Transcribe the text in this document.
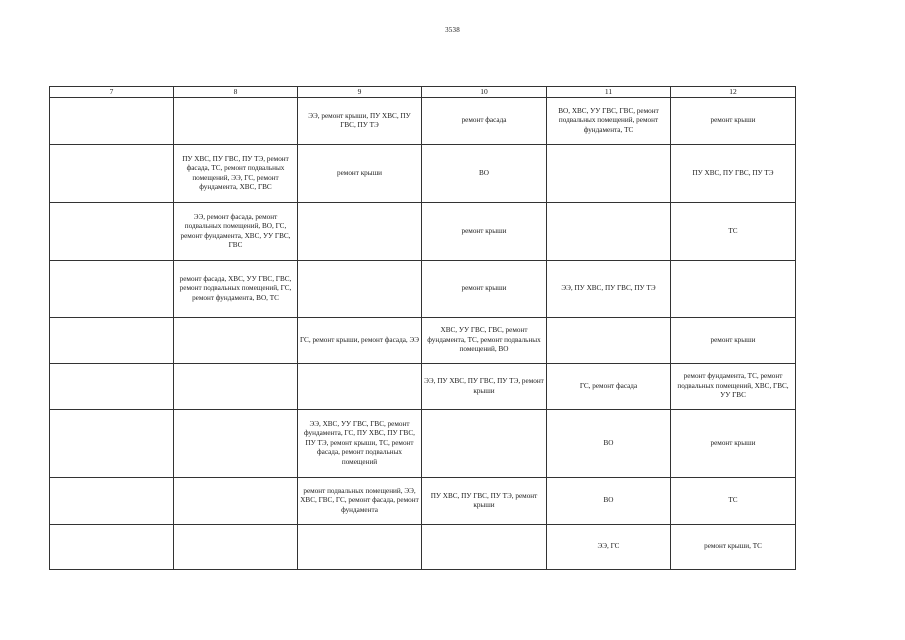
3538
7	8	9	10	11	12
		ЭЭ, ремонт крыши, ПУ ХВС, ПУ ГВС, ПУ ТЭ	ремонт фасада	ВО, ХВС, УУ ГВС, ГВС, ремонт подвальных помещений, ремонт фундамента, ТС	ремонт крыши
	ПУ ХВС, ПУ ГВС, ПУ ТЭ, ремонт фасада, ТС, ремонт подвальных помещений, ЭЭ, ГС, ремонт фундамента, ХВС, ГВС	ремонт крыши	ВО		ПУ ХВС, ПУ ГВС, ПУ ТЭ
	ЭЭ, ремонт фасада, ремонт подвальных помещений, ВО, ГС, ремонт фундамента, ХВС, УУ ГВС, ГВС		ремонт крыши		ТС
	ремонт фасада, ХВС, УУ ГВС, ГВС, ремонт подвальных помещений, ГС, ремонт фундамента, ВО, ТС		ремонт крыши	ЭЭ, ПУ ХВС, ПУ ГВС, ПУ ТЭ	
		ГС, ремонт крыши, ремонт фасада, ЭЭ	ХВС, УУ ГВС, ГВС, ремонт фундамента, ТС, ремонт подвальных помещений, ВО		ремонт крыши
			ЭЭ, ПУ ХВС, ПУ ГВС, ПУ ТЭ, ремонт крыши	ГС, ремонт фасада	ремонт фундамента, ТС, ремонт подвальных помещений, ХВС, ГВС, УУ ГВС
		ЭЭ, ХВС, УУ ГВС, ГВС, ремонт фундамента, ГС, ПУ ХВС, ПУ ГВС, ПУ ТЭ, ремонт крыши, ТС, ремонт фасада, ремонт подвальных помещений		ВО	ремонт крыши
		ремонт подвальных помещений, ЭЭ, ХВС, ГВС, ГС, ремонт фасада, ремонт фундамента	ПУ ХВС, ПУ ГВС, ПУ ТЭ, ремонт крыши	ВО	ТС
				ЭЭ, ГС	ремонт крыши, ТС
